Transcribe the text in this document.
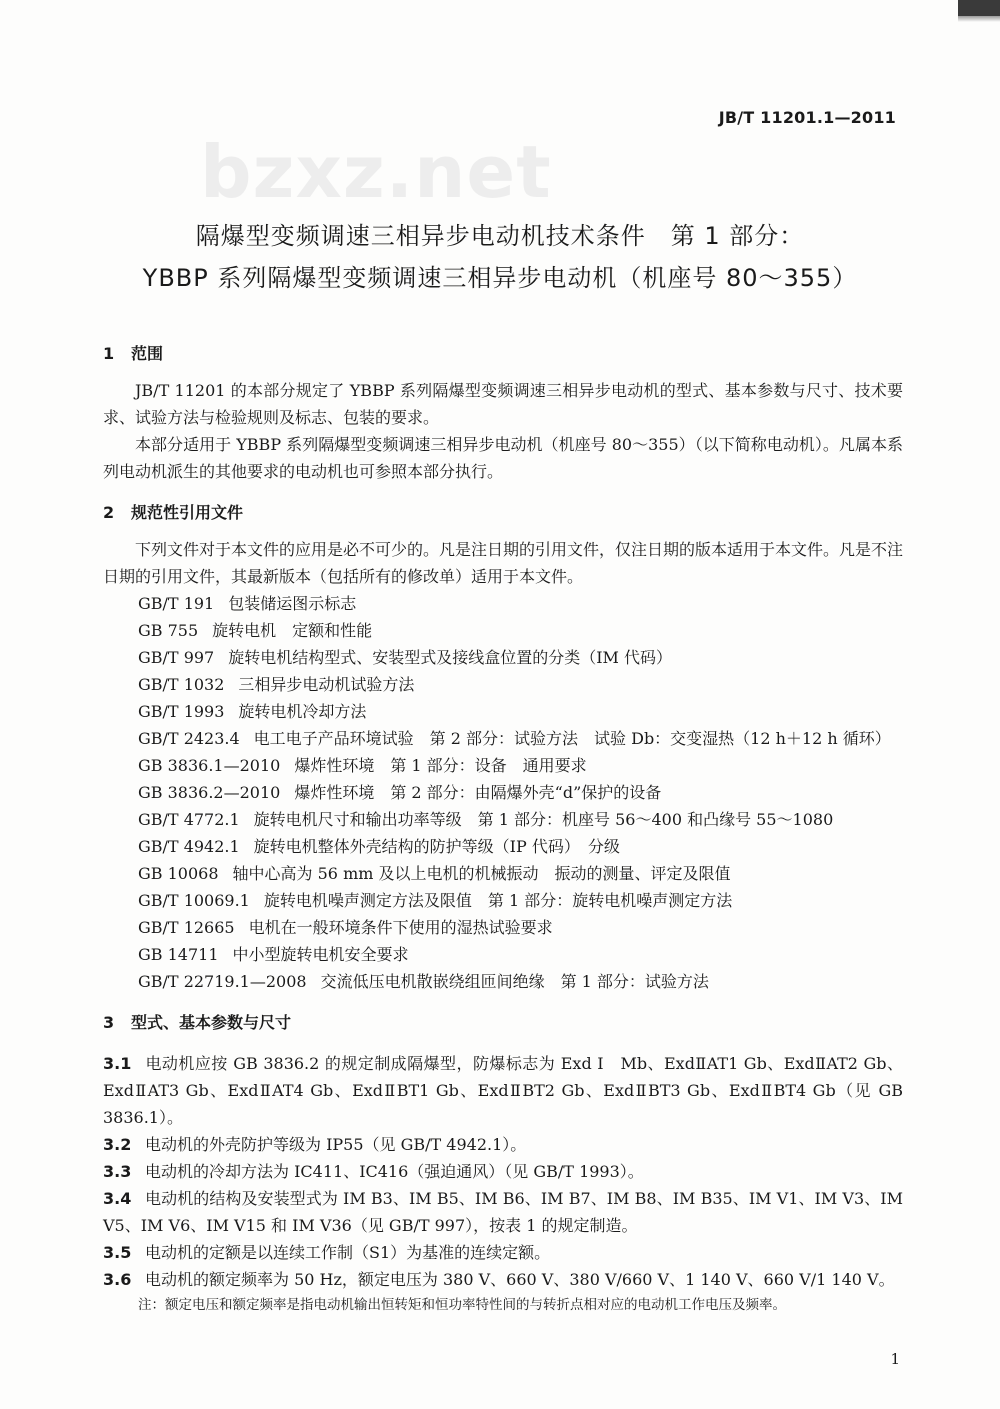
JB/T 11201.1—2011
bzxz.net
隔爆型变频调速三相异步电动机技术条件　第 1 部分：
YBBP 系列隔爆型变频调速三相异步电动机（机座号 80～355）
1 范围
JB/T 11201 的本部分规定了 YBBP 系列隔爆型变频调速三相异步电动机的型式、基本参数与尺寸、技术要求、试验方法与检验规则及标志、包装的要求。
本部分适用于 YBBP 系列隔爆型变频调速三相异步电动机（机座号 80～355）（以下简称电动机）。凡属本系列电动机派生的其他要求的电动机也可参照本部分执行。
2 规范性引用文件
下列文件对于本文件的应用是必不可少的。凡是注日期的引用文件，仅注日期的版本适用于本文件。凡是不注日期的引用文件，其最新版本（包括所有的修改单）适用于本文件。
GB/T 191 包装储运图示标志
GB 755 旋转电机　定额和性能
GB/T 997 旋转电机结构型式、安装型式及接线盒位置的分类（IM 代码）
GB/T 1032 三相异步电动机试验方法
GB/T 1993 旋转电机冷却方法
GB/T 2423.4 电工电子产品环境试验　第 2 部分：试验方法　试验 Db：交变湿热（12 h＋12 h 循环）
GB 3836.1—2010 爆炸性环境　第 1 部分：设备　通用要求
GB 3836.2—2010 爆炸性环境　第 2 部分：由隔爆外壳“d”保护的设备
GB/T 4772.1 旋转电机尺寸和输出功率等级　第 1 部分：机座号 56～400 和凸缘号 55～1080
GB/T 4942.1 旋转电机整体外壳结构的防护等级（IP 代码）　分级
GB 10068 轴中心高为 56 mm 及以上电机的机械振动　振动的测量、评定及限值
GB/T 10069.1 旋转电机噪声测定方法及限值　第 1 部分：旋转电机噪声测定方法
GB/T 12665 电机在一般环境条件下使用的湿热试验要求
GB 14711 中小型旋转电机安全要求
GB/T 22719.1—2008 交流低压电机散嵌绕组匝间绝缘　第 1 部分：试验方法
3 型式、基本参数与尺寸
3.1 电动机应按 GB 3836.2 的规定制成隔爆型，防爆标志为 Exd Ⅰ　Mb、ExdⅡAT1 Gb、ExdⅡAT2 Gb、ExdⅡAT3 Gb、ExdⅡAT4 Gb、ExdⅡBT1 Gb、ExdⅡBT2 Gb、ExdⅡBT3 Gb、ExdⅡBT4 Gb（见 GB 3836.1）。
3.2 电动机的外壳防护等级为 IP55（见 GB/T 4942.1）。
3.3 电动机的冷却方法为 IC411、IC416（强迫通风）（见 GB/T 1993）。
3.4 电动机的结构及安装型式为 IM B3、IM B5、IM B6、IM B7、IM B8、IM B35、IM V1、IM V3、IM V5、IM V6、IM V15 和 IM V36（见 GB/T 997），按表 1 的规定制造。
3.5 电动机的定额是以连续工作制（S1）为基准的连续定额。
3.6 电动机的额定频率为 50 Hz，额定电压为 380 V、660 V、380 V/660 V、1 140 V、660 V/1 140 V。
注：额定电压和额定频率是指电动机输出恒转矩和恒功率特性间的与转折点相对应的电动机工作电压及频率。
1
